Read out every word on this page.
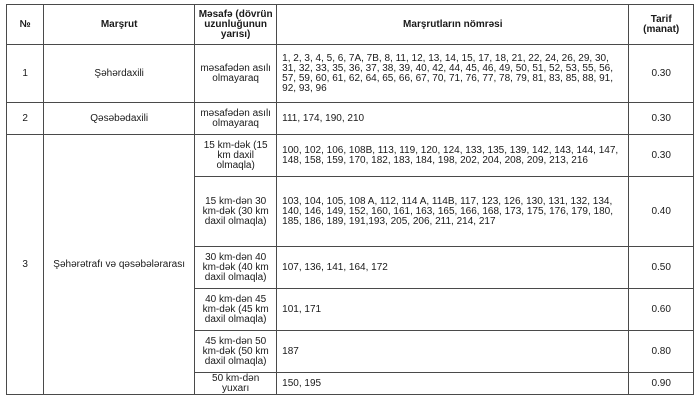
№	Marşrut	Məsafə (dövrün uzunluğunun yarısı)	Marşrutların nömrəsi	Tarif (manat)
1	Şəhərdaxili	məsafədən asılı olmayaraq	1, 2, 3, 4, 5, 6, 7A, 7B, 8, 11, 12, 13, 14, 15, 17, 18, 21, 22, 24, 26, 29, 30, 31, 32, 33, 35, 36, 37, 38, 39, 40, 42, 44, 45, 46, 49, 50, 51, 52, 53, 55, 56, 57, 59, 60, 61, 62, 64, 65, 66, 67, 70, 71, 76, 77, 78, 79, 81, 83, 85, 88, 91, 92, 93, 96	0.30
2	Qəsəbədaxili	məsafədən asılı olmayaraq	111, 174, 190, 210	0.30
3	Şəhərətrafı və qəsəbələrarası	15 km-dək (15 km daxil olmaqla)	100, 102, 106, 108B, 113, 119, 120, 124, 133, 135, 139, 142, 143, 144, 147, 148, 158, 159, 170, 182, 183, 184, 198, 202, 204, 208, 209, 213, 216	0.30
		15 km-dən 30 km-dək (30 km daxil olmaqla)	103, 104, 105, 108 A, 112, 114 A, 114B, 117, 123, 126, 130, 131, 132, 134, 140, 146, 149, 152, 160, 161, 163, 165, 166, 168, 173, 175, 176, 179, 180, 185, 186, 189, 191,193, 205, 206, 211, 214, 217	0.40
		30 km-dən 40 km-dək (40 km daxil olmaqla)	107, 136, 141, 164, 172	0.50
		40 km-dən 45 km-dək (45 km daxil olmaqla)	101, 171	0.60
		45 km-dən 50 km-dək (50 km daxil olmaqla)	187	0.80
		50 km-dən yuxarı	150, 195	0.90
